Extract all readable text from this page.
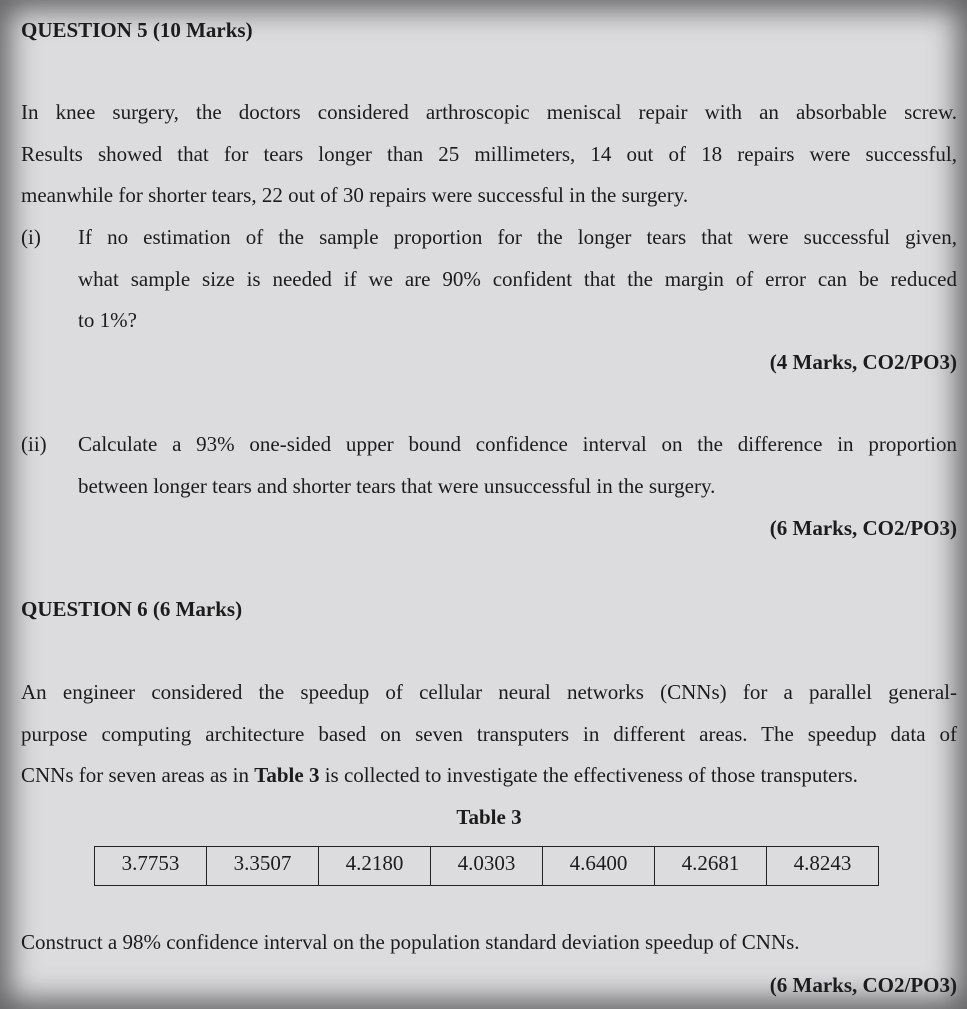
QUESTION 5 (10 Marks)
In knee surgery, the doctors considered arthroscopic meniscal repair with an absorbable screw.
Results showed that for tears longer than 25 millimeters, 14 out of 18 repairs were successful,
meanwhile for shorter tears, 22 out of 30 repairs were successful in the surgery.
(i) If no estimation of the sample proportion for the longer tears that were successful given,
what sample size is needed if we are 90% confident that the margin of error can be reduced
to 1%?
(4 Marks, CO2/PO3)
(ii) Calculate a 93% one-sided upper bound confidence interval on the difference in proportion
between longer tears and shorter tears that were unsuccessful in the surgery.
(6 Marks, CO2/PO3)
QUESTION 6 (6 Marks)
An engineer considered the speedup of cellular neural networks (CNNs) for a parallel general-
purpose computing architecture based on seven transputers in different areas. The speedup data of
CNNs for seven areas as in Table 3 is collected to investigate the effectiveness of those transputers.
Table 3
3.7753	3.3507	4.2180	4.0303	4.6400	4.2681	4.8243
Construct a 98% confidence interval on the population standard deviation speedup of CNNs.
(6 Marks, CO2/PO3)
